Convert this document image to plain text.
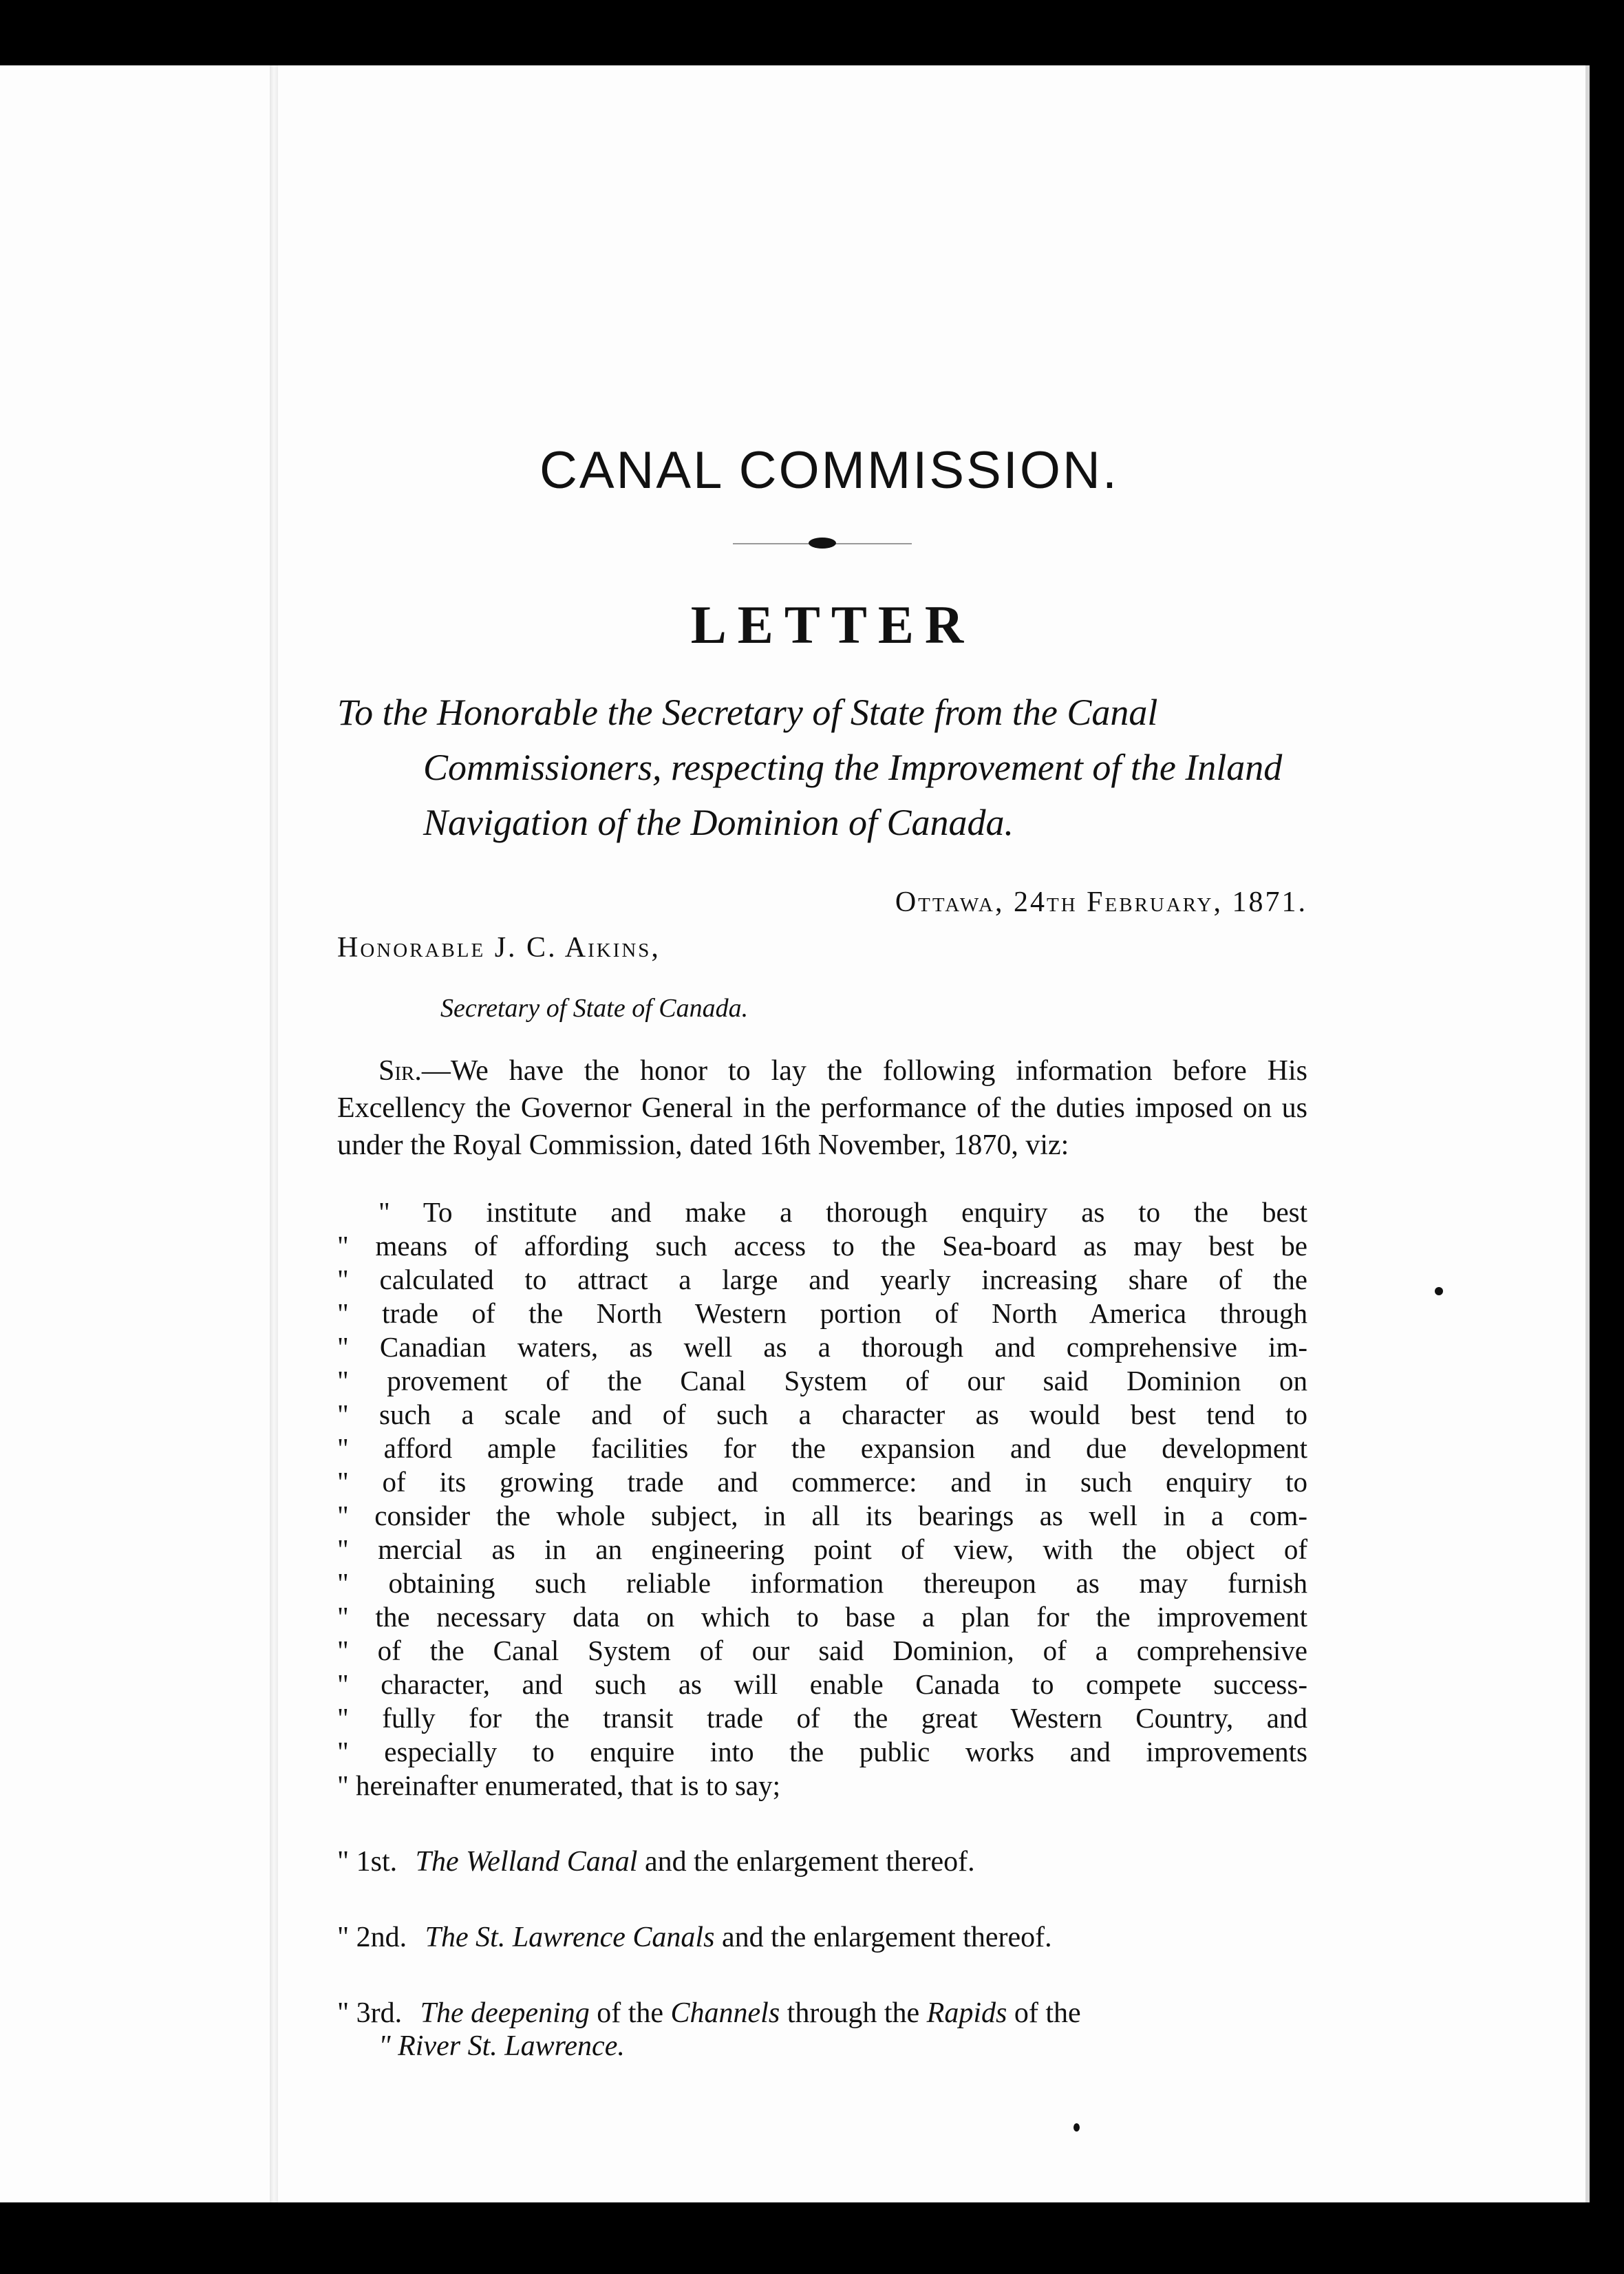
CANAL COMMISSION.
LETTER
To the Honorable the Secretary of State from the Canal Commissioners, respecting the Improvement of the Inland Navigation of the Dominion of Canada.
Ottawa, 24th February, 1871.
Honorable J. C. Aikins,
Secretary of State of Canada.

Sir.—We have the honor to lay the following information before His Excellency the Governor General in the performance of the duties imposed on us under the Royal Commission, dated 16th November, 1870, viz:

" To institute and make a thorough enquiry as to the best
" means of affording such access to the Sea-board as may best be
" calculated to attract a large and yearly increasing share of the
" trade of the North Western portion of North America through
" Canadian waters, as well as a thorough and comprehensive im-
" provement of the Canal System of our said Dominion on
" such a scale and of such a character as would best tend to
" afford ample facilities for the expansion and due development
" of its growing trade and commerce: and in such enquiry to
" consider the whole subject, in all its bearings as well in a com-
" mercial as in an engineering point of view, with the object of
" obtaining such reliable information thereupon as may furnish
" the necessary data on which to base a plan for the improvement
" of the Canal System of our said Dominion, of a comprehensive
" character, and such as will enable Canada to compete success-
" fully for the transit trade of the great Western Country, and
" especially to enquire into the public works and improvements
" hereinafter enumerated, that is to say;
" 1st. The Welland Canal and the enlargement thereof.
" 2nd. The St. Lawrence Canals and the enlargement thereof.
" 3rd. The deepening of the Channels through the Rapids of the
" River St. Lawrence.
